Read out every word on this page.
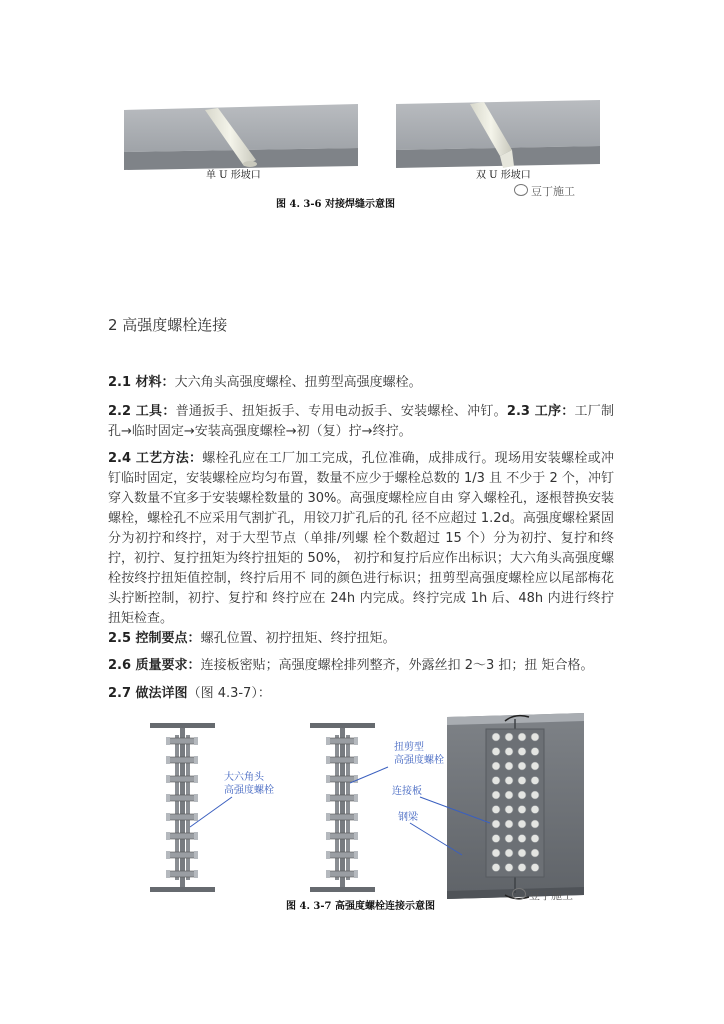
单 U 形坡口	双 U 形坡口
图 4. 3-6 对接焊缝示意图
豆丁施工
2 高强度螺栓连接

2.1 材料：大六角头高强度螺栓、扭剪型高强度螺栓。

2.2 工具：普通扳手、扭矩扳手、专用电动扳手、安装螺栓、冲钉。2.3 工序：工厂制孔→临时固定→安装高强度螺栓→初（复）拧→终拧。

2.4 工艺方法：螺栓孔应在工厂加工完成，孔位准确，成排成行。现场用安装螺栓或冲钉临时固定，安装螺栓应均匀布置，数量不应少于螺栓总数的 1/3 且 不少于 2 个，冲钉穿入数量不宜多于安装螺栓数量的 30%。高强度螺栓应自由 穿入螺栓孔，逐根替换安装螺栓，螺栓孔不应采用气割扩孔，用铰刀扩孔后的孔 径不应超过 1.2d。高强度螺栓紧固分为初拧和终拧，对于大型节点（单排/列螺 栓个数超过 15 个）分为初拧、复拧和终拧，初拧、复拧扭矩为终拧扭矩的 50%， 初拧和复拧后应作出标识；大六角头高强度螺栓按终拧扭矩值控制，终拧后用不 同的颜色进行标识；扭剪型高强度螺栓应以尾部梅花头拧断控制，初拧、复拧和 终拧应在 24h 内完成。终拧完成 1h 后、48h 内进行终拧扭矩检查。

2.5 控制要点：螺孔位置、初拧扭矩、终拧扭矩。

2.6 质量要求：连接板密贴；高强度螺栓排列整齐，外露丝扣 2～3 扣；扭 矩合格。

2.7 做法详图（图 4.3-7）：

大六角头
高强度螺栓
扭剪型
高强度螺栓
连接板
钢梁
图 4. 3-7 高强度螺栓连接示意图
豆丁施工
